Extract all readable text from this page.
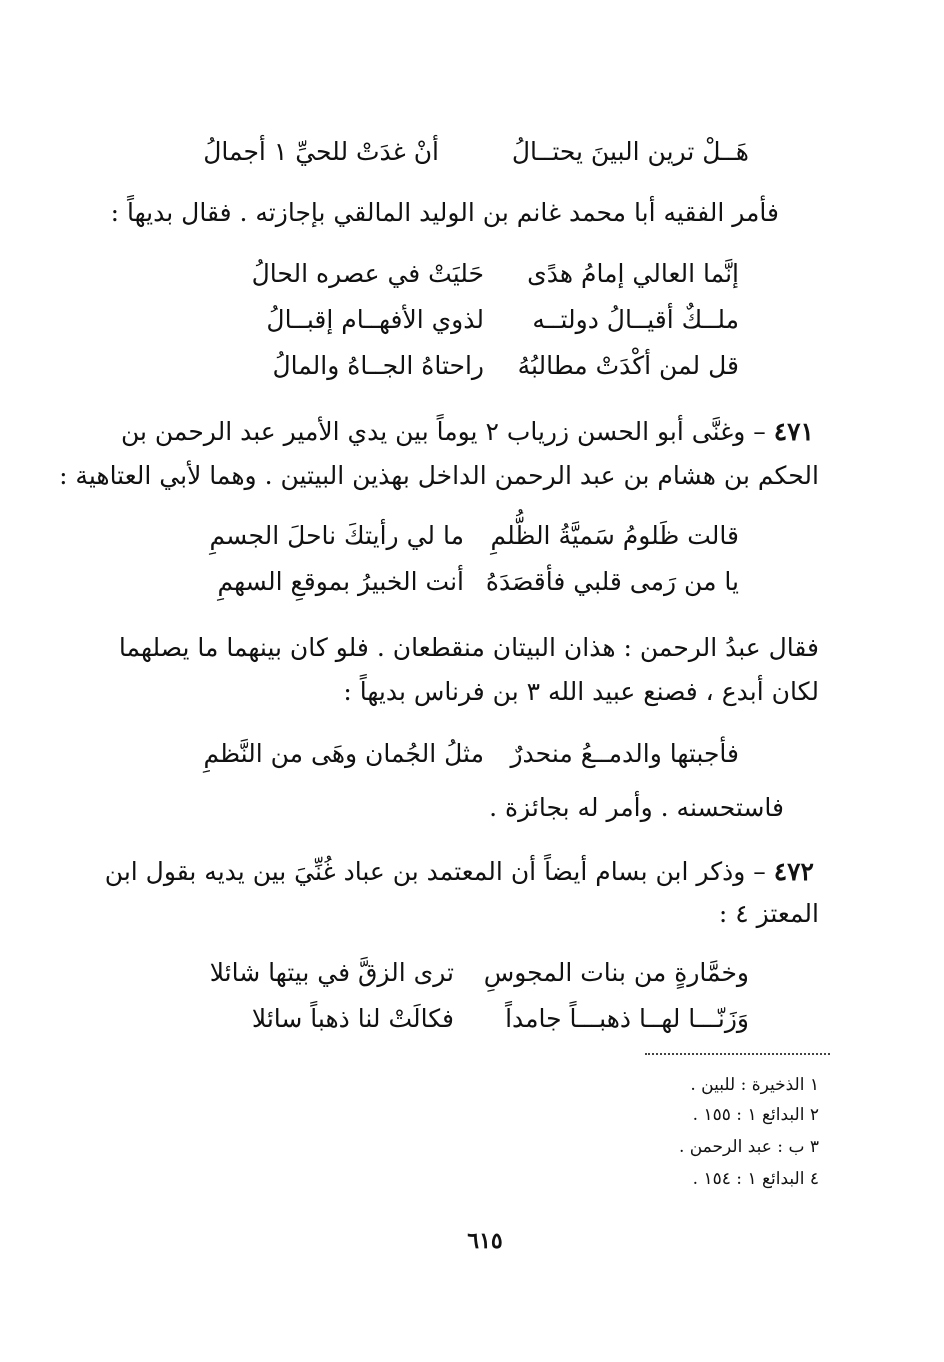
هَــلْ ترين البينَ يحتــالُ
أنْ غدَتْ للحيِّ ١ أجمالُ
فأمر الفقيه أبا محمد غانم بن الوليد المالقي بإجازته . فقال بديهاً :
إنَّما العالي إمامُ هدًى
حَليَتْ في عصره الحالُ
ملــكٌ أقيــالُ دولتــه
لذوي الأفهــام إقبــالُ
قل لمن أكْدَتْ مطالبُهُ
راحتاهُ الجــاهُ والمالُ
٤٧١ – وغنَّى أبو الحسن زرياب ٢ يوماً بين يدي الأمير عبد الرحمن بن
الحكم بن هشام بن عبد الرحمن الداخل بهذين البيتين . وهما لأبي العتاهية :
قالت ظَلومُ سَميَّةُ الظُّلمِ
ما لي رأيتكَ ناحلَ الجسمِ
يا من رَمى قلبي فأقصَدَهُ
أنت الخبيرُ بموقعِ السهمِ
فقال عبدُ الرحمن : هذان البيتان منقطعان . فلو كان بينهما ما يصلهما
لكان أبدع ، فصنع عبيد الله ٣ بن فرناس بديهاً :
فأجبتها والدمــعُ منحدرٌ
مثلُ الجُمان وهَى من النَّظمِ
فاستحسنه . وأمر له بجائزة .
٤٧٢ – وذكر ابن بسام أيضاً أن المعتمد بن عباد غُنِّيَ بين يديه بقول ابن
المعتز ٤ :
وخمَّارةٍ من بنات المجوسِ
ترى الزقَّ في بيتها شائلا
وَزَنّـــا لهــا ذهبـــاً جامداً
فكالَتْ لنا ذهباً سائلا
١ الذخيرة : للبين .
٢ البدائع ١ : ١٥٥ .
٣ ب : عبد الرحمن .
٤ البدائع ١ : ١٥٤ .
٦١٥
